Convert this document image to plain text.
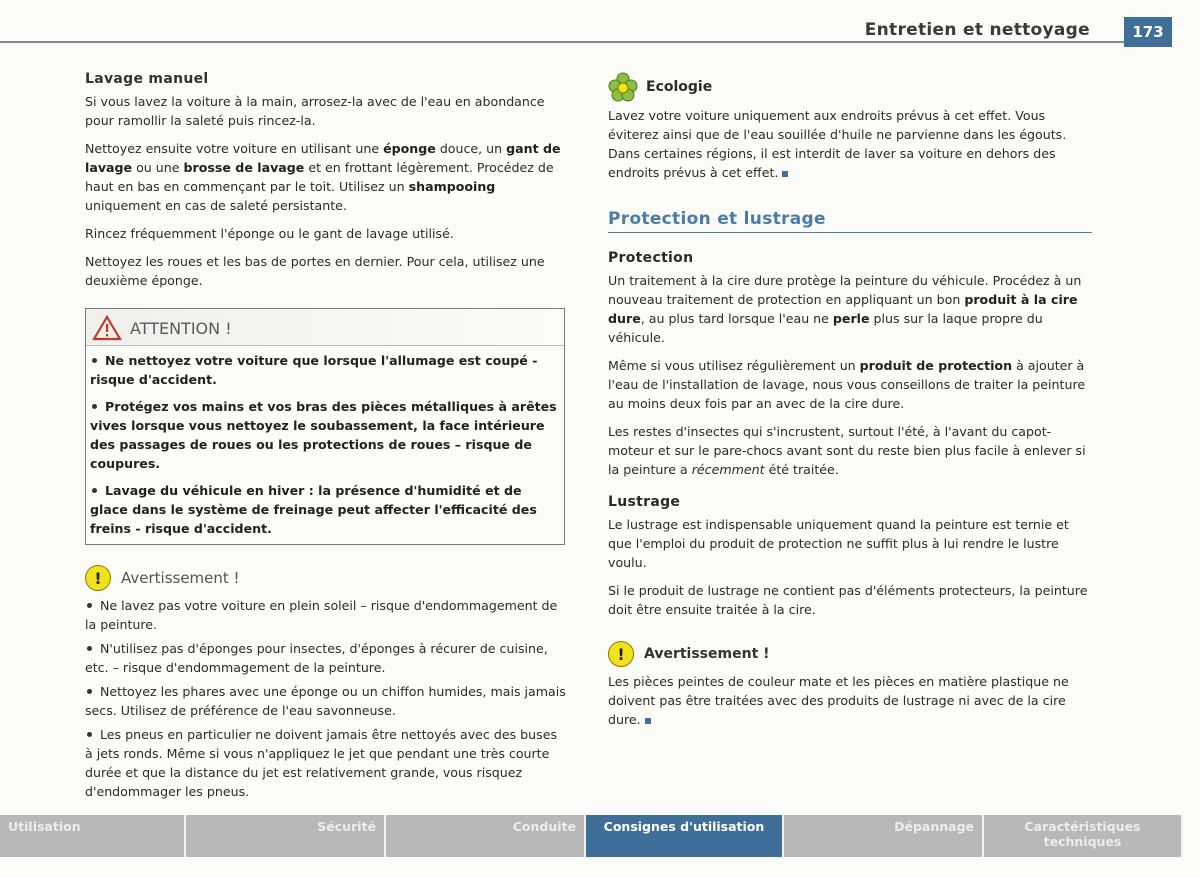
Entretien et nettoyage	173
Lavage manuel

Si vous lavez la voiture à la main, arrosez-la avec de l'eau en abondance pour ramollir la saleté puis rincez-la.

Nettoyez ensuite votre voiture en utilisant une éponge douce, un gant de lavage ou une brosse de lavage et en frottant légèrement. Procédez de haut en bas en commençant par le toit. Utilisez un shampooing uniquement en cas de saleté persistante.

Rincez fréquemment l'éponge ou le gant de lavage utilisé.

Nettoyez les roues et les bas de portes en dernier. Pour cela, utilisez une deuxième éponge.

ATTENTION !

Ne nettoyez votre voiture que lorsque l'allumage est coupé - risque d'accident.

Protégez vos mains et vos bras des pièces métalliques à arêtes vives lorsque vous nettoyez le soubassement, la face intérieure des passages de roues ou les protections de roues – risque de coupures.

Lavage du véhicule en hiver : la présence d'humidité et de glace dans le système de freinage peut affecter l'efficacité des freins - risque d'accident.

!	Avertissement !

Ne lavez pas votre voiture en plein soleil – risque d'endommagement de la peinture.

N'utilisez pas d'éponges pour insectes, d'éponges à récurer de cuisine, etc. – risque d'endommagement de la peinture.

Nettoyez les phares avec une éponge ou un chiffon humides, mais jamais secs. Utilisez de préférence de l'eau savonneuse.

Les pneus en particulier ne doivent jamais être nettoyés avec des buses à jets ronds. Même si vous n'appliquez le jet que pendant une très courte durée et que la distance du jet est relativement grande, vous risquez d'endommager les pneus.

Ecologie

Lavez votre voiture uniquement aux endroits prévus à cet effet. Vous éviterez ainsi que de l'eau souillée d'huile ne parvienne dans les égouts. Dans certaines régions, il est interdit de laver sa voiture en dehors des endroits prévus à cet effet.

Protection et lustrage
Protection

Un traitement à la cire dure protège la peinture du véhicule. Procédez à un nouveau traitement de protection en appliquant un bon produit à la cire dure, au plus tard lorsque l'eau ne perle plus sur la laque propre du véhicule.

Même si vous utilisez régulièrement un produit de protection à ajouter à l'eau de l'installation de lavage, nous vous conseillons de traiter la peinture au moins deux fois par an avec de la cire dure.

Les restes d'insectes qui s'incrustent, surtout l'été, à l'avant du capot-moteur et sur le pare-chocs avant sont du reste bien plus facile à enlever si la peinture a récemment été traitée.

Lustrage

Le lustrage est indispensable uniquement quand la peinture est ternie et que l'emploi du produit de protection ne suffit plus à lui rendre le lustre voulu.

Si le produit de lustrage ne contient pas d'éléments protecteurs, la peinture doit être ensuite traitée à la cire.

!	Avertissement !

Les pièces peintes de couleur mate et les pièces en matière plastique ne doivent pas être traitées avec des produits de lustrage ni avec de la cire dure.

Utilisation	Sécurité	Conduite	Consignes d'utilisation	Dépannage	Caractéristiques techniques
